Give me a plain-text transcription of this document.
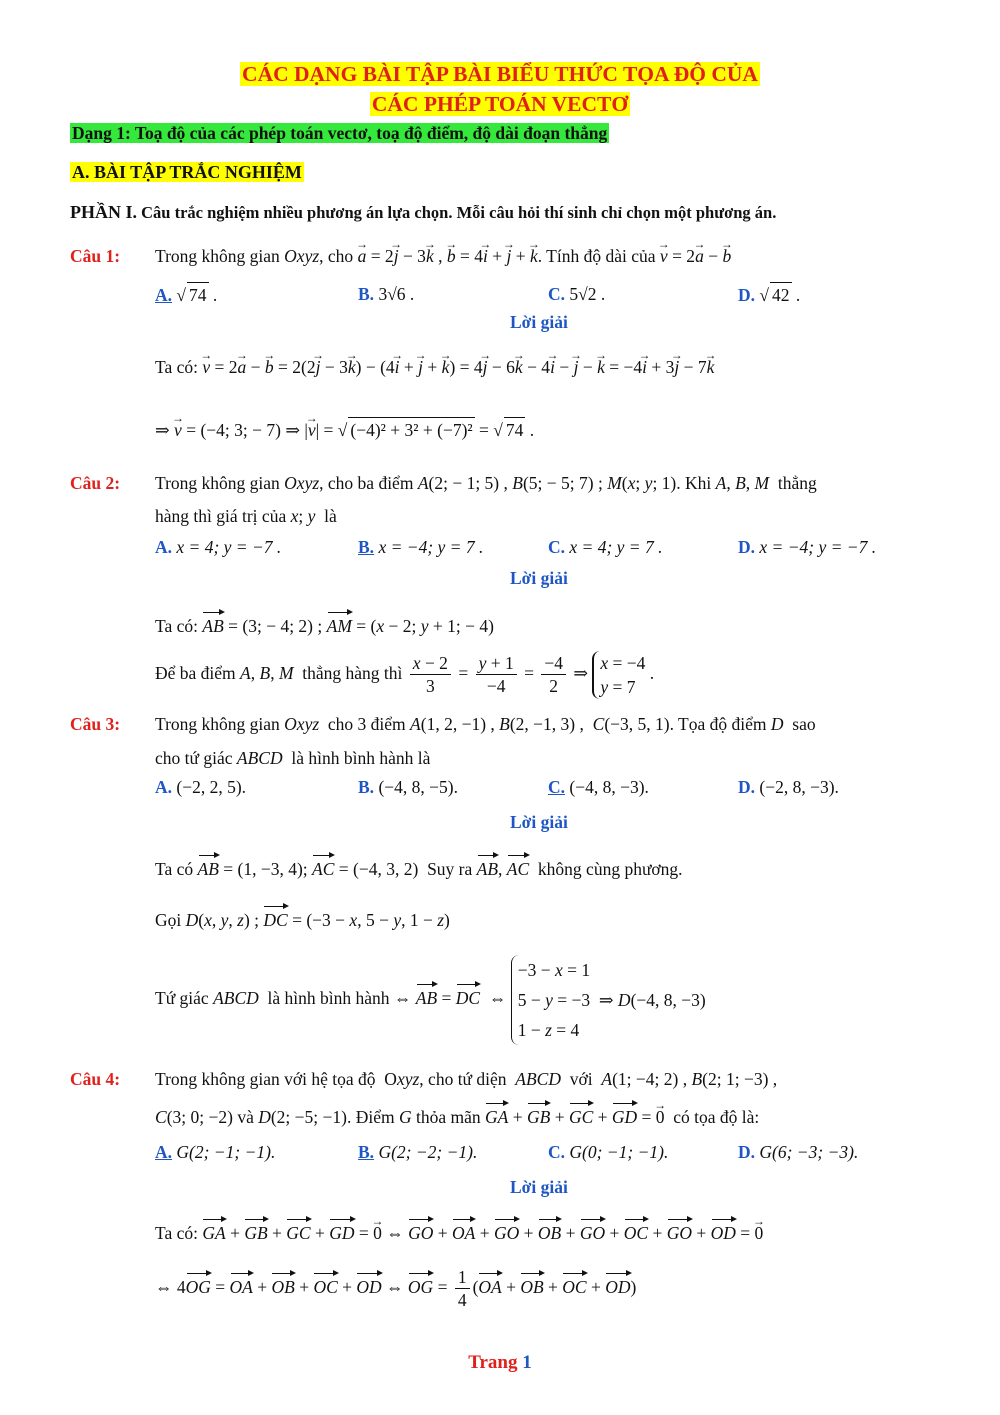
CÁC DẠNG BÀI TẬP BÀI BIỂU THỨC TỌA ĐỘ CỦA
CÁC PHÉP TOÁN VECTƠ
Dạng 1: Toạ độ của các phép toán vectơ, toạ độ điểm, độ dài đoạn thẳng
A. BÀI TẬP TRẮC NGHIỆM
PHẦN I. Câu trắc nghiệm nhiều phương án lựa chọn. Mỗi câu hỏi thí sinh chỉ chọn một phương án.
Câu 1: Trong không gian Oxyz, cho → a = 2→ j − 3→ k , → b = 4→ i + → j + → k. Tính độ dài của → v = 2→ a − → b
A. √ 74 .	B. 3√6 .	C. 5√2 .	D. √ 42 .
Lời giải
Ta có: → v = 2→ a − → b = 2(2→ j − 3→ k) − (4→ i + → j + → k) = 4→ j − 6→ k − 4→ i − → j − → k = −4→ i + 3→ j − 7→ k
⇒ → v = (−4; 3; − 7) ⇒ |→ v| = √ (−4)² + 3² + (−7)² = √ 74 .
Câu 2: Trong không gian Oxyz, cho ba điểm A(2; − 1; 5) , B(5; − 5; 7) ; M(x; y; 1). Khi A, B, M thẳng
hàng thì giá trị của x; y là
A. x = 4; y = −7 .	B. x = −4; y = 7 .	C. x = 4; y = 7 .	D. x = −4; y = −7 .
Lời giải
Ta có: AB = (3; − 4; 2) ; AM = (x − 2; y + 1; − 4)
Để ba điểm A, B, M thẳng hàng thì $\frac{x - 2}{3} = \frac{y + 1}{-4} = \frac{-4}{2}$ ⇒
x = −4
y = 7
.
Câu 3: Trong không gian Oxyz cho 3 điểm A(1, 2, −1) , B(2, −1, 3) ,  C(−3, 5, 1). Tọa độ điểm D sao
cho tứ giác ABCD là hình bình hành là
A. (−2, 2, 5).	B. (−4, 8, −5).	C. (−4, 8, −3).	D. (−2, 8, −3).
Lời giải
Ta có AB = (1, −3, 4); AC = (−4, 3, 2)  Suy ra AB, AC không cùng phương.
Gọi D(x, y, z) ; DC = (−3 − x, 5 − y, 1 − z)
Tứ giác ABCD là hình bình hành ⇔ AB = DC  ⇔
−3 − x = 1
5 − y = −3  ⇒ D(−4, 8, −3)
1 − z = 4
Câu 4: Trong không gian với hệ tọa độ  Oxyz, cho tứ diện ABCD với A(1; −4; 2) , B(2; 1; −3) ,
C(3; 0; −2) và D(2; −5; −1). Điểm G thỏa mãn GA + GB + GC + GD = → 0 có tọa độ là:
A. G(2; −1; −1).	B. G(2; −2; −1).	C. G(0; −1; −1).	D. G(6; −3; −3).
Lời giải
Ta có: GA + GB + GC + GD = → 0 ⇔ GO + OA + GO + OB + GO + OC + GO + OD = → 0
⇔ 4OG = OA + OB + OC + OD ⇔ OG = $\frac{1}{4} (OA$ + OB + OC + OD)
Trang 1
